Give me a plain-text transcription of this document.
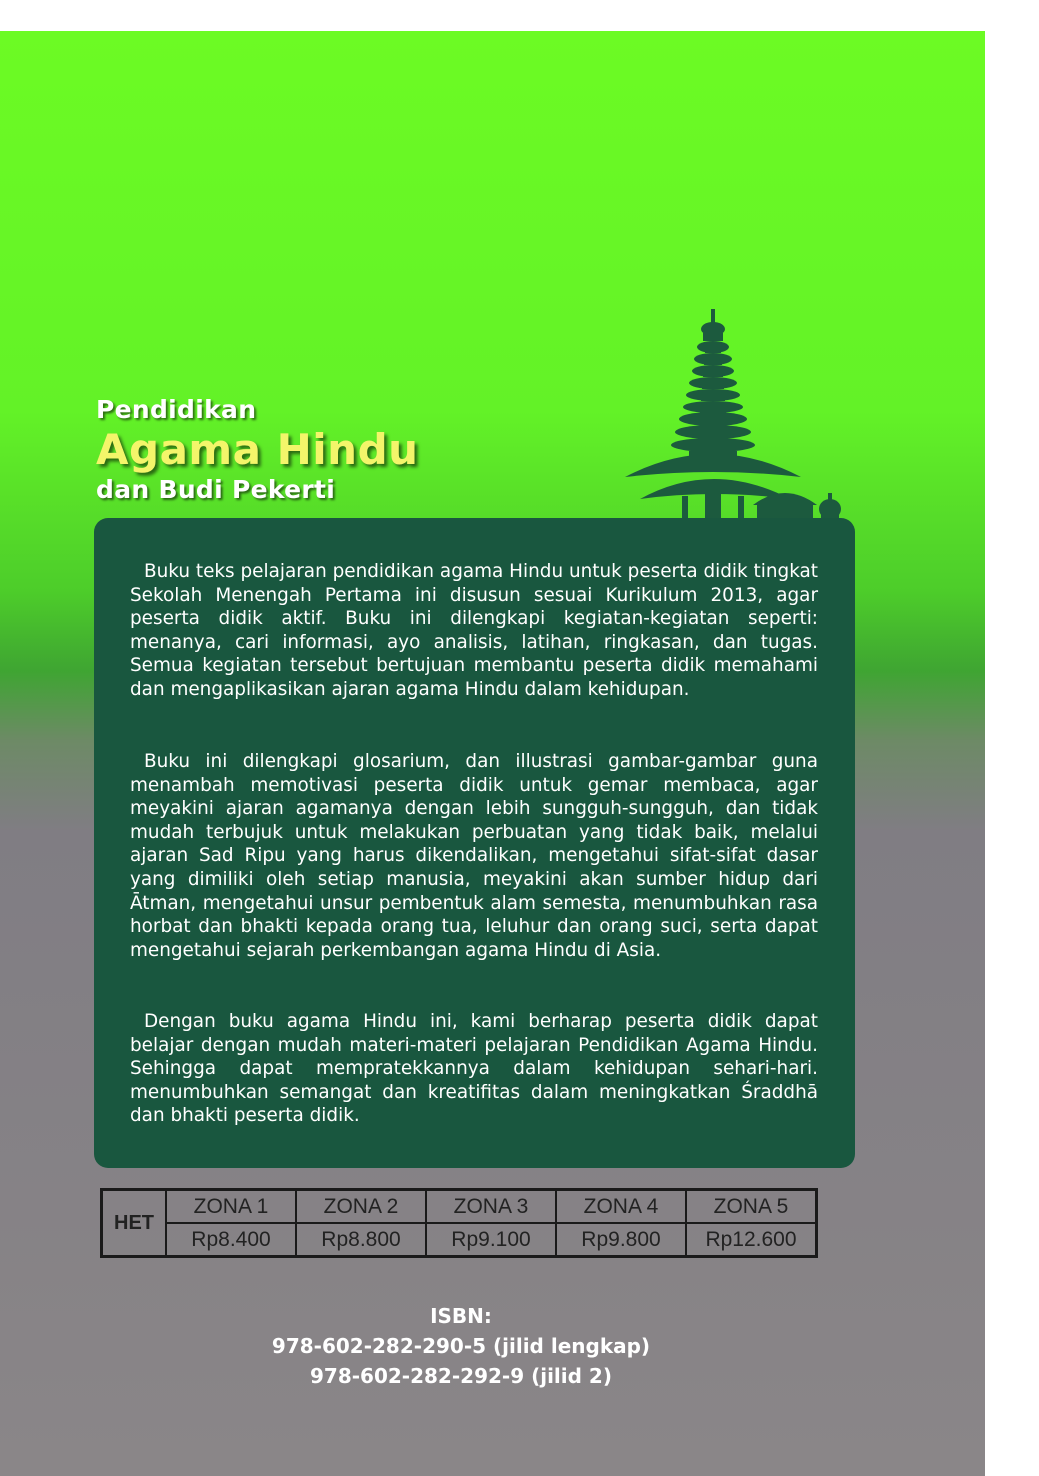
Pendidikan
Agama Hindu
dan Budi Pekerti
Buku teks pelajaran pendidikan agama Hindu untuk peserta didik tingkat Sekolah Menengah Pertama ini disusun sesuai Kurikulum 2013, agar peserta didik aktif. Buku ini dilengkapi kegiatan-kegiatan seperti: menanya, cari informasi, ayo analisis, latihan, ringkasan, dan tugas. Semua kegiatan tersebut bertujuan membantu peserta didik memahami dan mengaplikasikan ajaran agama Hindu dalam kehidupan.
Buku ini dilengkapi glosarium, dan illustrasi gambar-gambar guna menambah memotivasi peserta didik untuk gemar membaca, agar meyakini ajaran agamanya dengan lebih sungguh-sungguh, dan tidak mudah terbujuk untuk melakukan perbuatan yang tidak baik, melalui ajaran Sad Ripu yang harus dikendalikan, mengetahui sifat-sifat dasar yang dimiliki oleh setiap manusia, meyakini akan sumber hidup dari Ātman, mengetahui unsur pembentuk alam semesta, menumbuhkan rasa horbat dan bhakti kepada orang tua, leluhur dan orang suci, serta dapat mengetahui sejarah perkembangan agama Hindu di Asia.
Dengan buku agama Hindu ini, kami berharap peserta didik dapat belajar dengan mudah materi-materi pelajaran Pendidikan Agama Hindu. Sehingga dapat mempratekkannya dalam kehidupan sehari-hari. menumbuhkan semangat dan kreatifitas dalam meningkatkan Śraddhā dan bhakti peserta didik.
HET	ZONA 1	ZONA 2	ZONA 3	ZONA 4	ZONA 5
	Rp8.400	Rp8.800	Rp9.100	Rp9.800	Rp12.600
ISBN:
978-602-282-290-5 (jilid lengkap)
978-602-282-292-9 (jilid 2)
